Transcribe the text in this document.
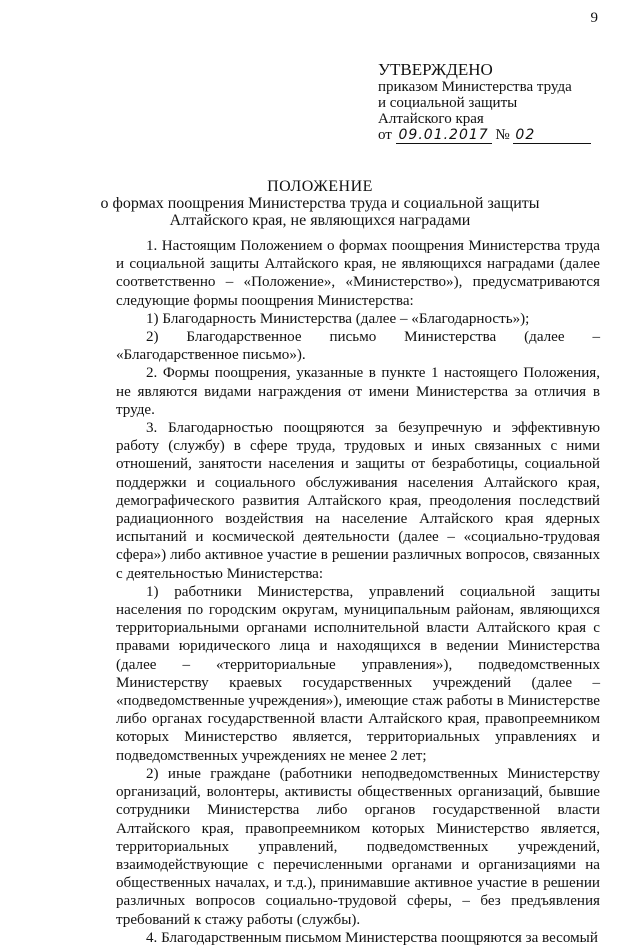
9
УТВЕРЖДЕНО
приказом Министерства труда
и социальной защиты
Алтайского края
от 09.01.2017 № 02
ПОЛОЖЕНИЕ
о формах поощрения Министерства труда и социальной защиты
Алтайского края, не являющихся наградами

1. Настоящим Положением о формах поощрения Министерства труда и социальной защиты Алтайского края, не являющихся наградами (далее соответственно – «Положение», «Министерство»), предусматриваются следующие формы поощрения Министерства:

1) Благодарность Министерства (далее – «Благодарность»);

2) Благодарственное письмо Министерства (далее – «Благодарственное письмо»).

2. Формы поощрения, указанные в пункте 1 настоящего Положения, не являются видами награждения от имени Министерства за отличия в труде.

3. Благодарностью поощряются за безупречную и эффективную работу (службу) в сфере труда, трудовых и иных связанных с ними отношений, занятости населения и защиты от безработицы, социальной поддержки и социального обслуживания населения Алтайского края, демографического развития Алтайского края, преодоления последствий радиационного воздействия на население Алтайского края ядерных испытаний и космической деятельности (далее – «социально-трудовая сфера») либо активное участие в решении различных вопросов, связанных с деятельностью Министерства:

1) работники Министерства, управлений социальной защиты населения по городским округам, муниципальным районам, являющихся территориальными органами исполнительной власти Алтайского края с правами юридического лица и находящихся в ведении Министерства (далее – «территориальные управления»), подведомственных Министерству краевых государственных учреждений (далее – «подведомственные учреждения»), имеющие стаж работы в Министерстве либо органах государственной власти Алтайского края, правопреемником которых Министерство является, территориальных управлениях и подведомственных учреждениях не менее 2 лет;

2) иные граждане (работники неподведомственных Министерству организаций, волонтеры, активисты общественных организаций, бывшие сотрудники Министерства либо органов государственной власти Алтайского края, правопреемником которых Министерство является, территориальных управлений, подведомственных учреждений, взаимодействующие с перечисленными органами и организациями на общественных началах, и т.д.), принимавшие активное участие в решении различных вопросов социально-трудовой сферы, – без предъявления требований к стажу работы (службы).

4. Благодарственным письмом Министерства поощряются за весомый
